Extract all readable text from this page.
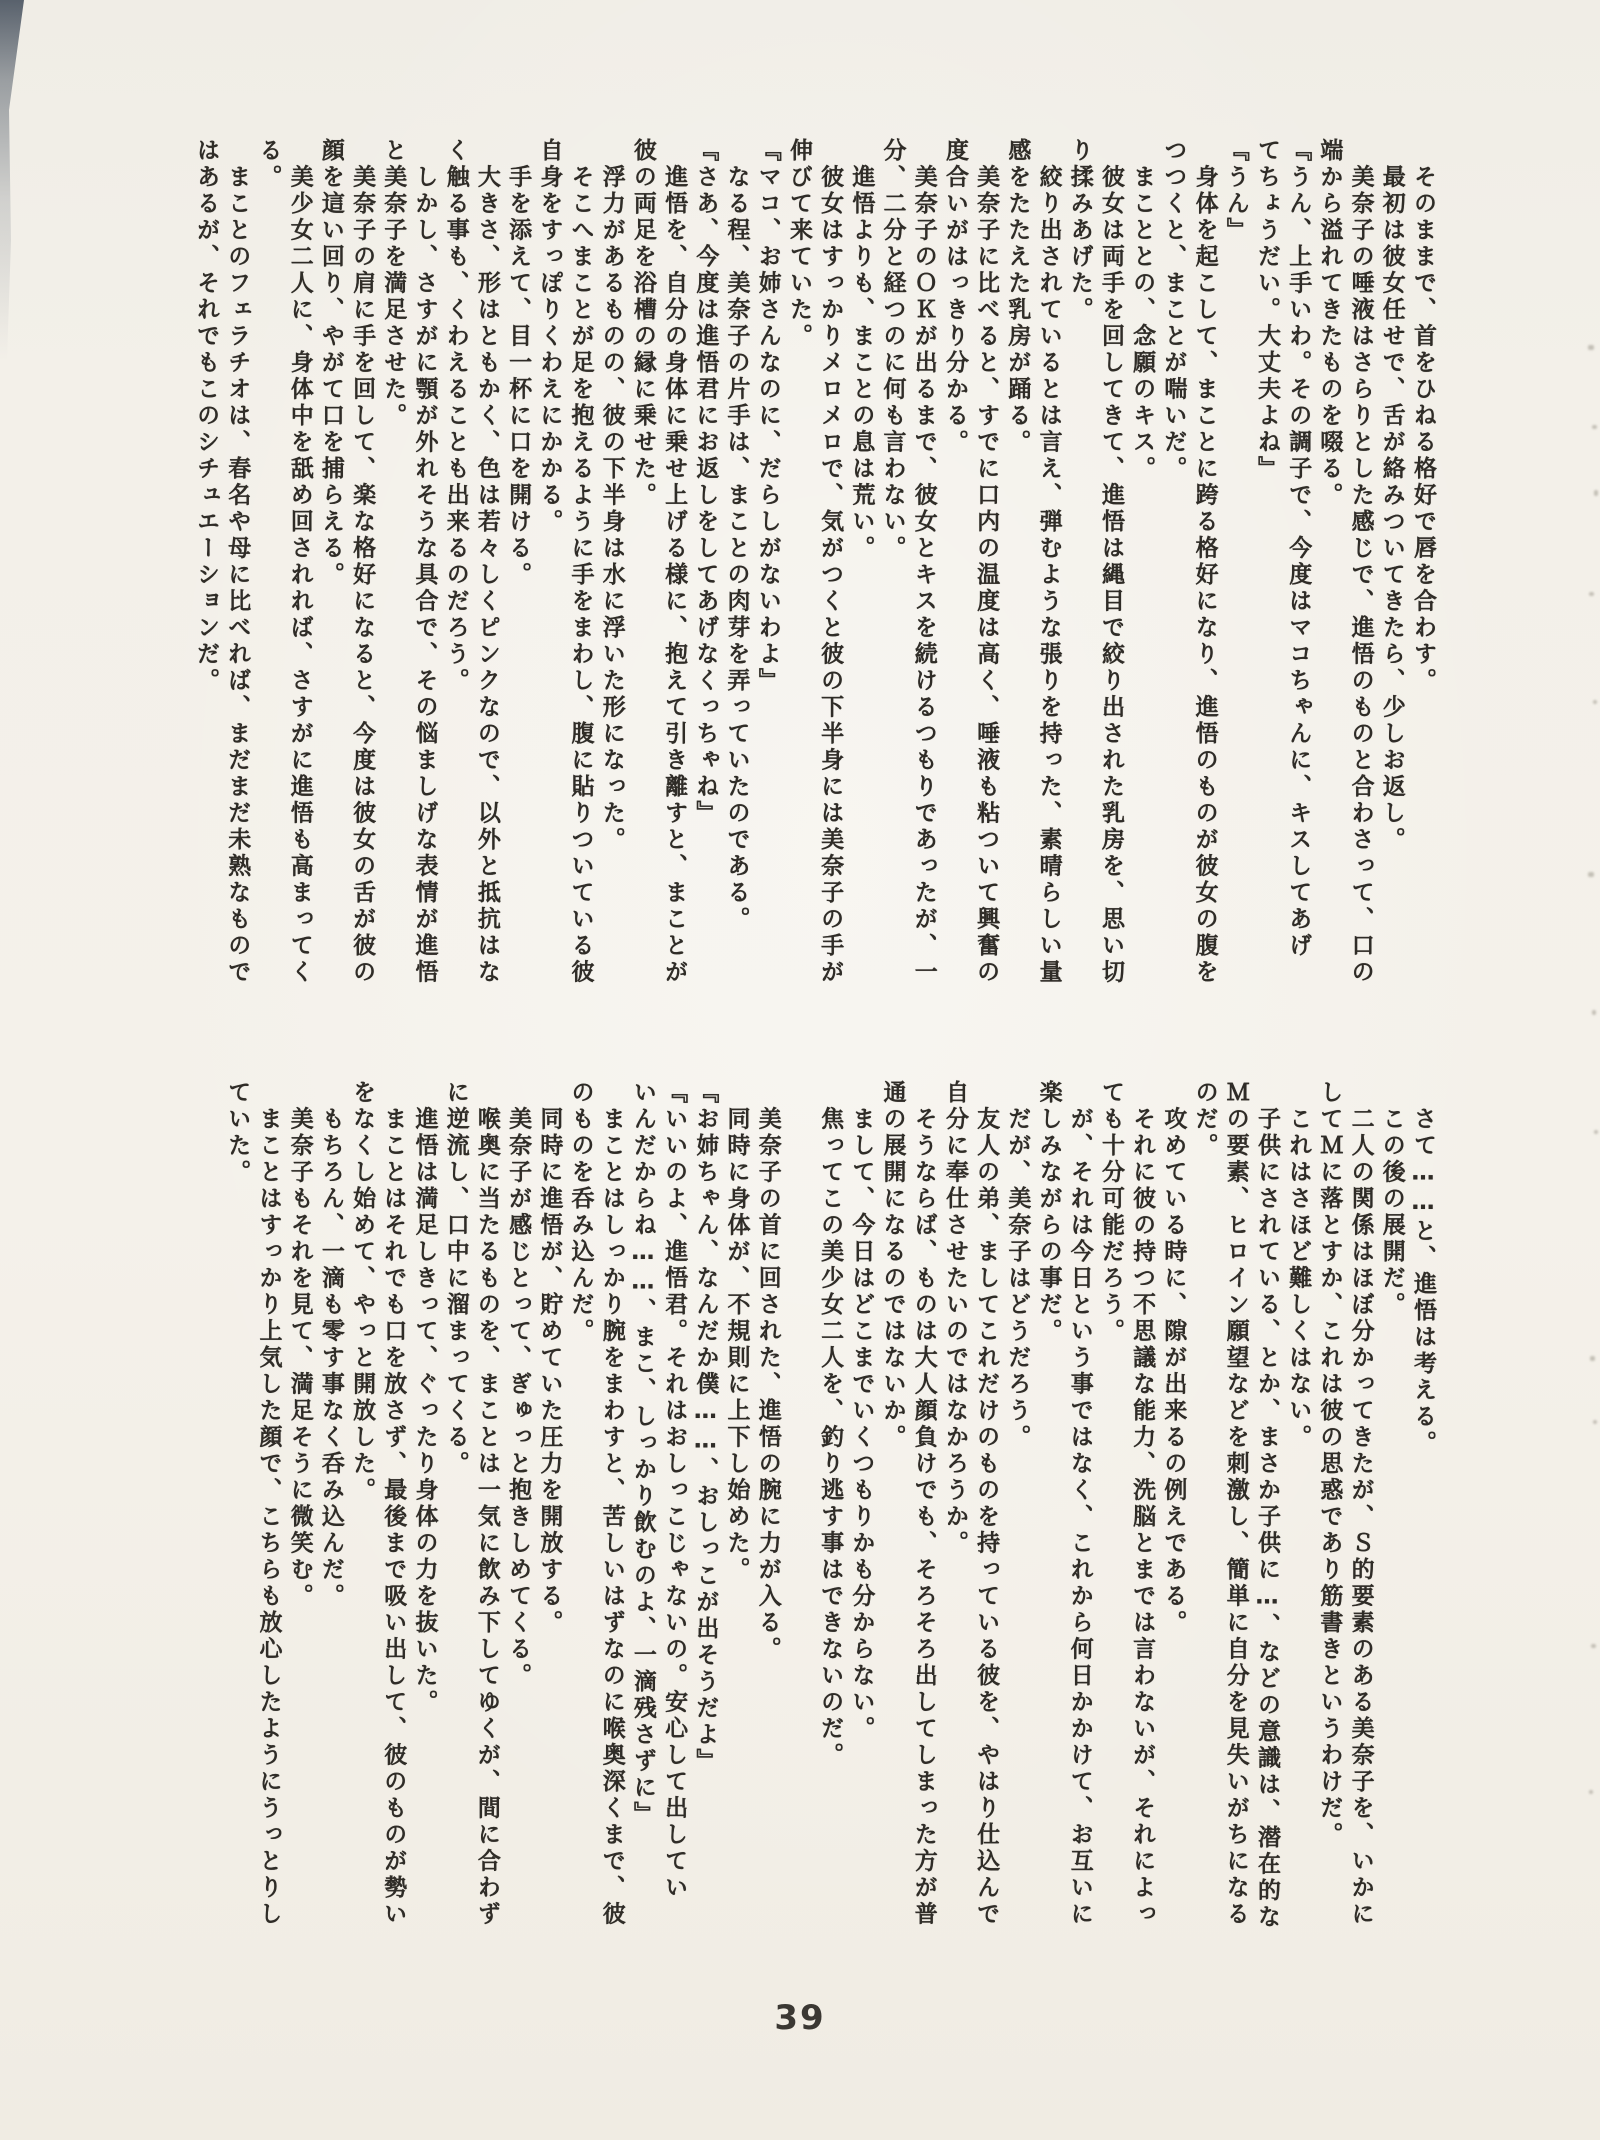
　そのままで、首をひねる格好で唇を合わす。
　最初は彼女任せで、舌が絡みついてきたら、少しお返し。
　美奈子の唾液はさらりとした感じで、進悟のものと合わさって、口の
端から溢れてきたものを啜る。
『うん、上手いわ。その調子で、今度はマコちゃんに、キスしてあげ
てちょうだい。大丈夫よね』
『うん』
　身体を起こして、まことに跨る格好になり、進悟のものが彼女の腹を
つつくと、まことが喘いだ。
　まこととの、念願のキス。
　彼女は両手を回してきて、進悟は縄目で絞り出された乳房を、思い切
り揉みあげた。
　絞り出されているとは言え、弾むような張りを持った、素晴らしい量
感をたたえた乳房が踊る。
　美奈子に比べると、すでに口内の温度は高く、唾液も粘ついて興奮の
度合いがはっきり分かる。
　美奈子のＯＫが出るまで、彼女とキスを続けるつもりであったが、一
分、二分と経つのに何も言わない。
　進悟よりも、まことの息は荒い。
　彼女はすっかりメロメロで、気がつくと彼の下半身には美奈子の手が
伸びて来ていた。
『マコ、お姉さんなのに、だらしがないわよ』
　なる程、美奈子の片手は、まことの肉芽を弄っていたのである。
『さあ、今度は進悟君にお返しをしてあげなくっちゃね』
　進悟を、自分の身体に乗せ上げる様に、抱えて引き離すと、まことが
彼の両足を浴槽の縁に乗せた。
　浮力があるものの、彼の下半身は水に浮いた形になった。
　そこへまことが足を抱えるように手をまわし、腹に貼りついている彼
自身をすっぽりくわえにかかる。
　手を添えて、目一杯に口を開ける。
　大きさ、形はともかく、色は若々しくピンクなので、以外と抵抗はな
く触る事も、くわえることも出来るのだろう。
　しかし、さすがに顎が外れそうな具合で、その悩ましげな表情が進悟
と美奈子を満足させた。
　美奈子の肩に手を回して、楽な格好になると、今度は彼女の舌が彼の
顔を這い回り、やがて口を捕らえる。
　美少女二人に、身体中を舐め回されれば、さすがに進悟も高まってく
る。
　まことのフェラチオは、春名や母に比べれば、まだまだ未熟なもので
はあるが、それでもこのシチュエーションだ。
　さて……と、進悟は考える。
　この後の展開だ。
　二人の関係はほぼ分かってきたが、Ｓ的要素のある美奈子を、いかに
してＭに落とすか、これは彼の思惑であり筋書きというわけだ。
　これはさほど難しくはない。
　子供にされている、とか、まさか子供に…、などの意識は、潜在的な
Ｍの要素、ヒロイン願望などを刺激し、簡単に自分を見失いがちになる
のだ。
　攻めている時に、隙が出来るの例えである。
　それに彼の持つ不思議な能力、洗脳とまでは言わないが、それによっ
ても十分可能だろう。
　が、それは今日という事ではなく、これから何日かかけて、お互いに
楽しみながらの事だ。
　だが、美奈子はどうだろう。
　友人の弟、ましてこれだけのものを持っている彼を、やはり仕込んで
自分に奉仕させたいのではなかろうか。
　そうならば、ものは大人顔負けでも、そろそろ出してしまった方が普
通の展開になるのではないか。
　まして、今日はどこまでいくつもりかも分からない。
　焦ってこの美少女二人を、釣り逃す事はできないのだ。

　美奈子の首に回された、進悟の腕に力が入る。
　同時に身体が、不規則に上下し始めた。
『お姉ちゃん、なんだか僕……、おしっこが出そうだよ』
『いいのよ、進悟君。それはおしっこじゃないの。安心して出してい
いんだからね……、まこ、しっかり飲むのよ、一滴残さずに』
　まことはしっかり腕をまわすと、苦しいはずなのに喉奥深くまで、彼
のものを呑み込んだ。
　同時に進悟が、貯めていた圧力を開放する。
　美奈子が感じとって、ぎゅっと抱きしめてくる。
　喉奥に当たるものを、まことは一気に飲み下してゆくが、間に合わず
に逆流し、口中に溜まってくる。
　進悟は満足しきって、ぐったり身体の力を抜いた。
　まことはそれでも口を放さず、最後まで吸い出して、彼のものが勢い
をなくし始めて、やっと開放した。
　もちろん、一滴も零す事なく呑み込んだ。
　美奈子もそれを見て、満足そうに微笑む。
　まことはすっかり上気した顔で、こちらも放心したようにうっとりし
ていた。
39
